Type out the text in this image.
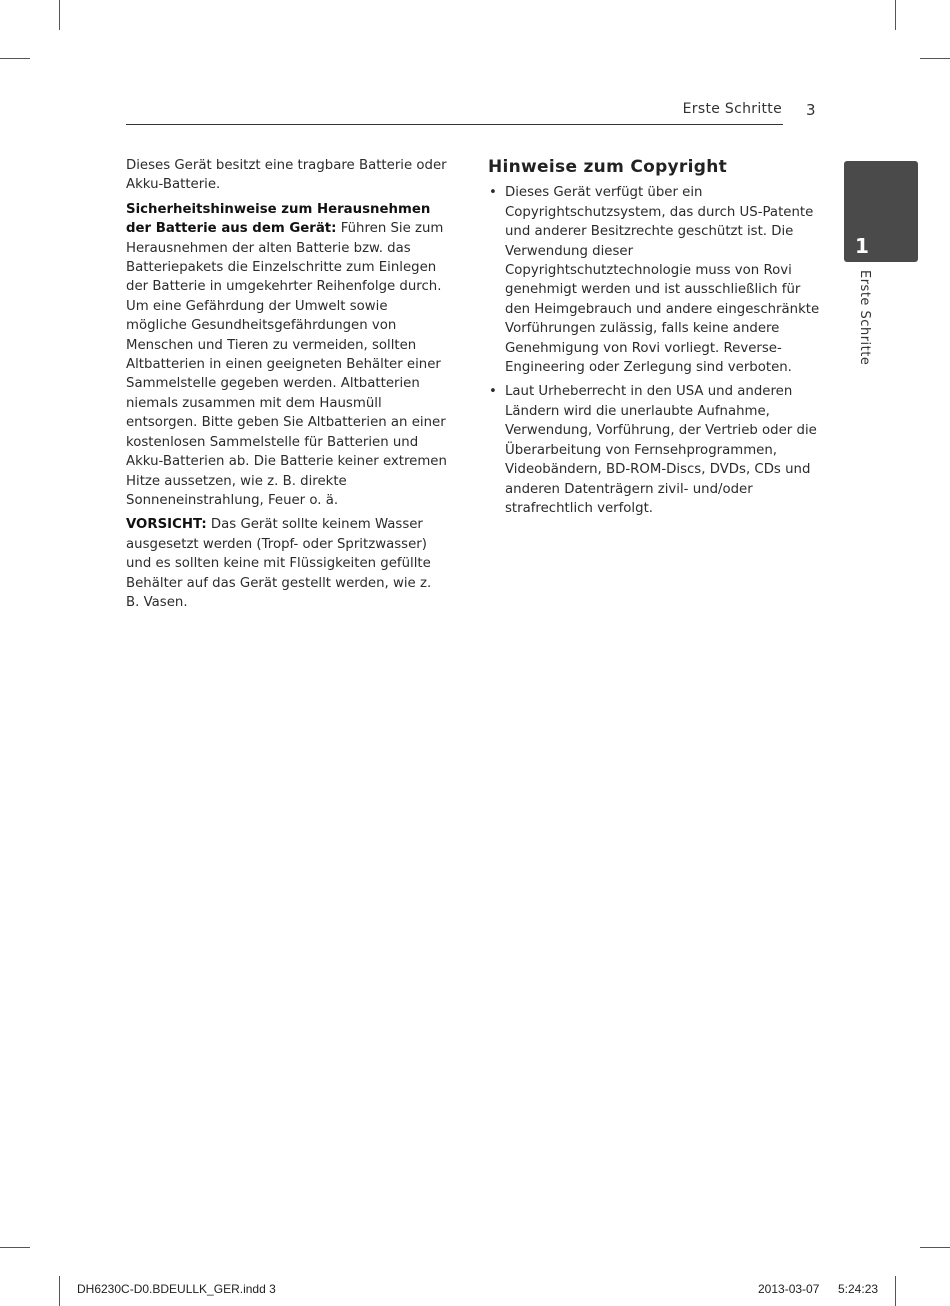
Erste Schritte 3
1
Erste Schritte

Dieses Gerät besitzt eine tragbare Batterie oder Akku-Batterie.

Sicherheitshinweise zum Herausnehmen der Batterie aus dem Gerät: Führen Sie zum Herausnehmen der alten Batterie bzw. das Batteriepakets die Einzelschritte zum Einlegen der Batterie in umgekehrter Reihenfolge durch. Um eine Gefährdung der Umwelt sowie mögliche Gesundheitsgefährdungen von Menschen und Tieren zu vermeiden, sollten Altbatterien in einen geeigneten Behälter einer Sammelstelle gegeben werden. Altbatterien niemals zusammen mit dem Hausmüll entsorgen. Bitte geben Sie Altbatterien an einer kostenlosen Sammelstelle für Batterien und Akku-Batterien ab. Die Batterie keiner extremen Hitze aussetzen, wie z. B. direkte Sonneneinstrahlung, Feuer o. ä.

VORSICHT: Das Gerät sollte keinem Wasser ausgesetzt werden (Tropf- oder Spritzwasser) und es sollten keine mit Flüssigkeiten gefüllte Behälter auf das Gerät gestellt werden, wie z. B. Vasen.

Hinweise zum Copyright
• Dieses Gerät verfügt über ein Copyrightschutzsystem, das durch US-Patente und anderer Besitzrechte geschützt ist. Die Verwendung dieser Copyrightschutztechnologie muss von Rovi genehmigt werden und ist ausschließlich für den Heimgebrauch und andere eingeschränkte Vorführungen zulässig, falls keine andere Genehmigung von Rovi vorliegt. Reverse-Engineering oder Zerlegung sind verboten.
• Laut Urheberrecht in den USA und anderen Ländern wird die unerlaubte Aufnahme, Verwendung, Vorführung, der Vertrieb oder die Überarbeitung von Fernsehprogrammen, Videobändern, BD-ROM-Discs, DVDs, CDs und anderen Datenträgern zivil- und/oder strafrechtlich verfolgt.
DH6230C-D0.BDEULLK_GER.indd 3	2013-03-07 5:24:23
